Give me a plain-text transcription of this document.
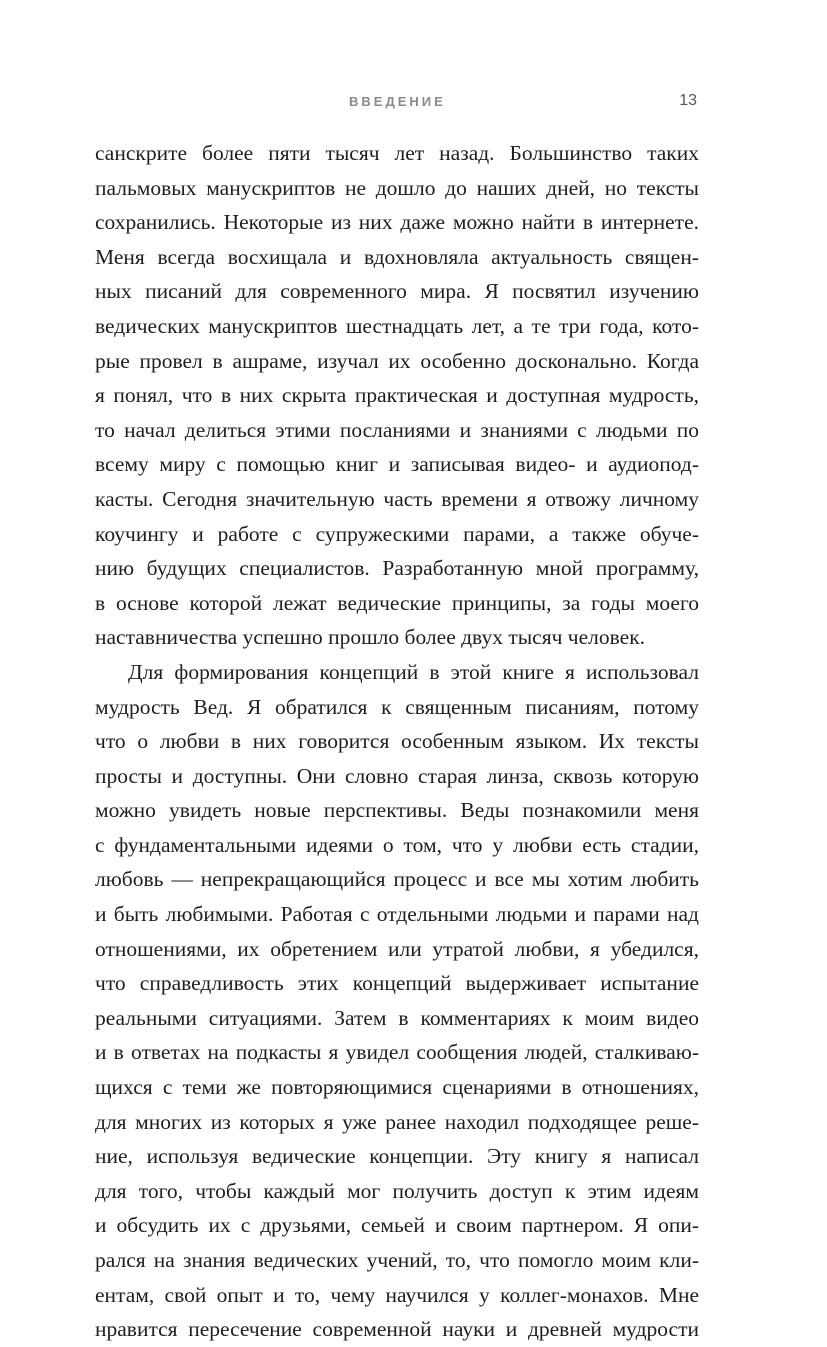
ВВЕДЕНИЕ	13
санскрите более пяти тысяч лет назад. Большинство таких
пальмовых манускриптов не дошло до наших дней, но тексты
сохранились. Некоторые из них даже можно найти в интернете.
Меня всегда восхищала и вдохновляла актуальность священ-
ных писаний для современного мира. Я посвятил изучению
ведических манускриптов шестнадцать лет, а те три года, кото-
рые провел в ашраме, изучал их особенно досконально. Когда
я понял, что в них скрыта практическая и доступная мудрость,
то начал делиться этими посланиями и знаниями с людьми по
всему миру с помощью книг и записывая видео- и аудиопод-
касты. Сегодня значительную часть времени я отвожу личному
коучингу и работе с супружескими парами, а также обуче-
нию будущих специалистов. Разработанную мной программу,
в основе которой лежат ведические принципы, за годы моего
наставничества успешно прошло более двух тысяч человек.
Для формирования концепций в этой книге я использовал
мудрость Вед. Я обратился к священным писаниям, потому
что о любви в них говорится особенным языком. Их тексты
просты и доступны. Они словно старая линза, сквозь которую
можно увидеть новые перспективы. Веды познакомили меня
с фундаментальными идеями о том, что у любви есть стадии,
любовь — непрекращающийся процесс и все мы хотим любить
и быть любимыми. Работая с отдельными людьми и парами над
отношениями, их обретением или утратой любви, я убедился,
что справедливость этих концепций выдерживает испытание
реальными ситуациями. Затем в комментариях к моим видео
и в ответах на подкасты я увидел сообщения людей, сталкиваю-
щихся с теми же повторяющимися сценариями в отношениях,
для многих из которых я уже ранее находил подходящее реше-
ние, используя ведические концепции. Эту книгу я написал
для того, чтобы каждый мог получить доступ к этим идеям
и обсудить их с друзьями, семьей и своим партнером. Я опи-
рался на знания ведических учений, то, что помогло моим кли-
ентам, свой опыт и то, чему научился у коллег-монахов. Мне
нравится пересечение современной науки и древней мудрости
